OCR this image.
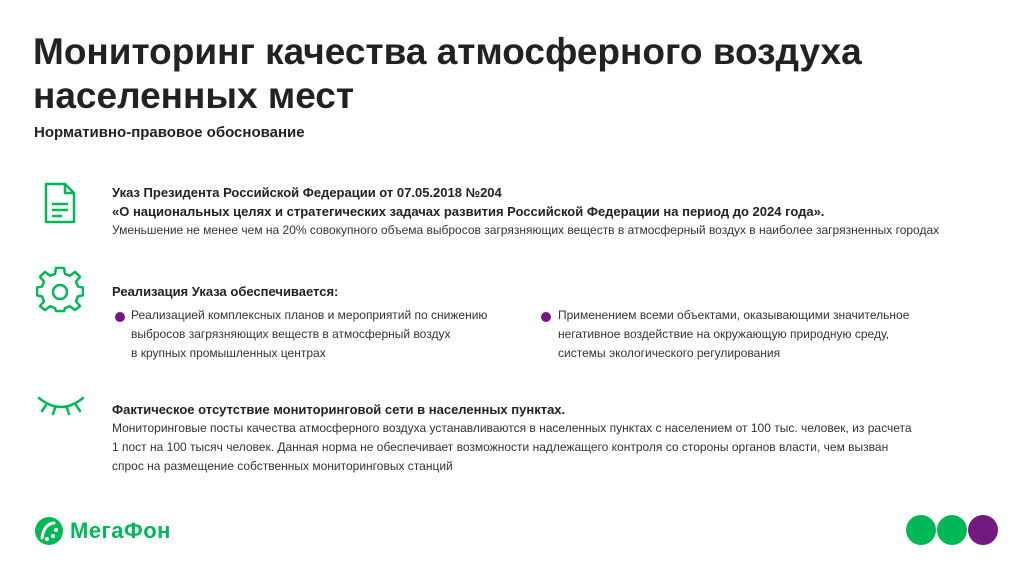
Мониторинг качества атмосферного воздуха населенных мест
Нормативно-правовое обоснование
Указ Президента Российской Федерации от 07.05.2018 №204
«О национальных целях и стратегических задачах развития Российской Федерации на период до 2024 года».
Уменьшение не менее чем на 20% совокупного объема выбросов загрязняющих веществ в атмосферный воздух в наиболее загрязненных городах
Реализация Указа обеспечивается:
Реализацией комплексных планов и мероприятий по снижению
выбросов загрязняющих веществ в атмосферный воздух
в крупных промышленных центрах
Применением всеми объектами, оказывающими значительное
негативное воздействие на окружающую природную среду,
системы экологического регулирования
Фактическое отсутствие мониторинговой сети в населенных пунктах.
Мониторинговые посты качества атмосферного воздуха устанавливаются в населенных пунктах с населением от 100 тыс. человек, из расчета
1 пост на 100 тысяч человек. Данная норма не обеспечивает возможности надлежащего контроля со стороны органов власти, чем вызван
спрос на размещение собственных мониторинговых станций
МегаФон
